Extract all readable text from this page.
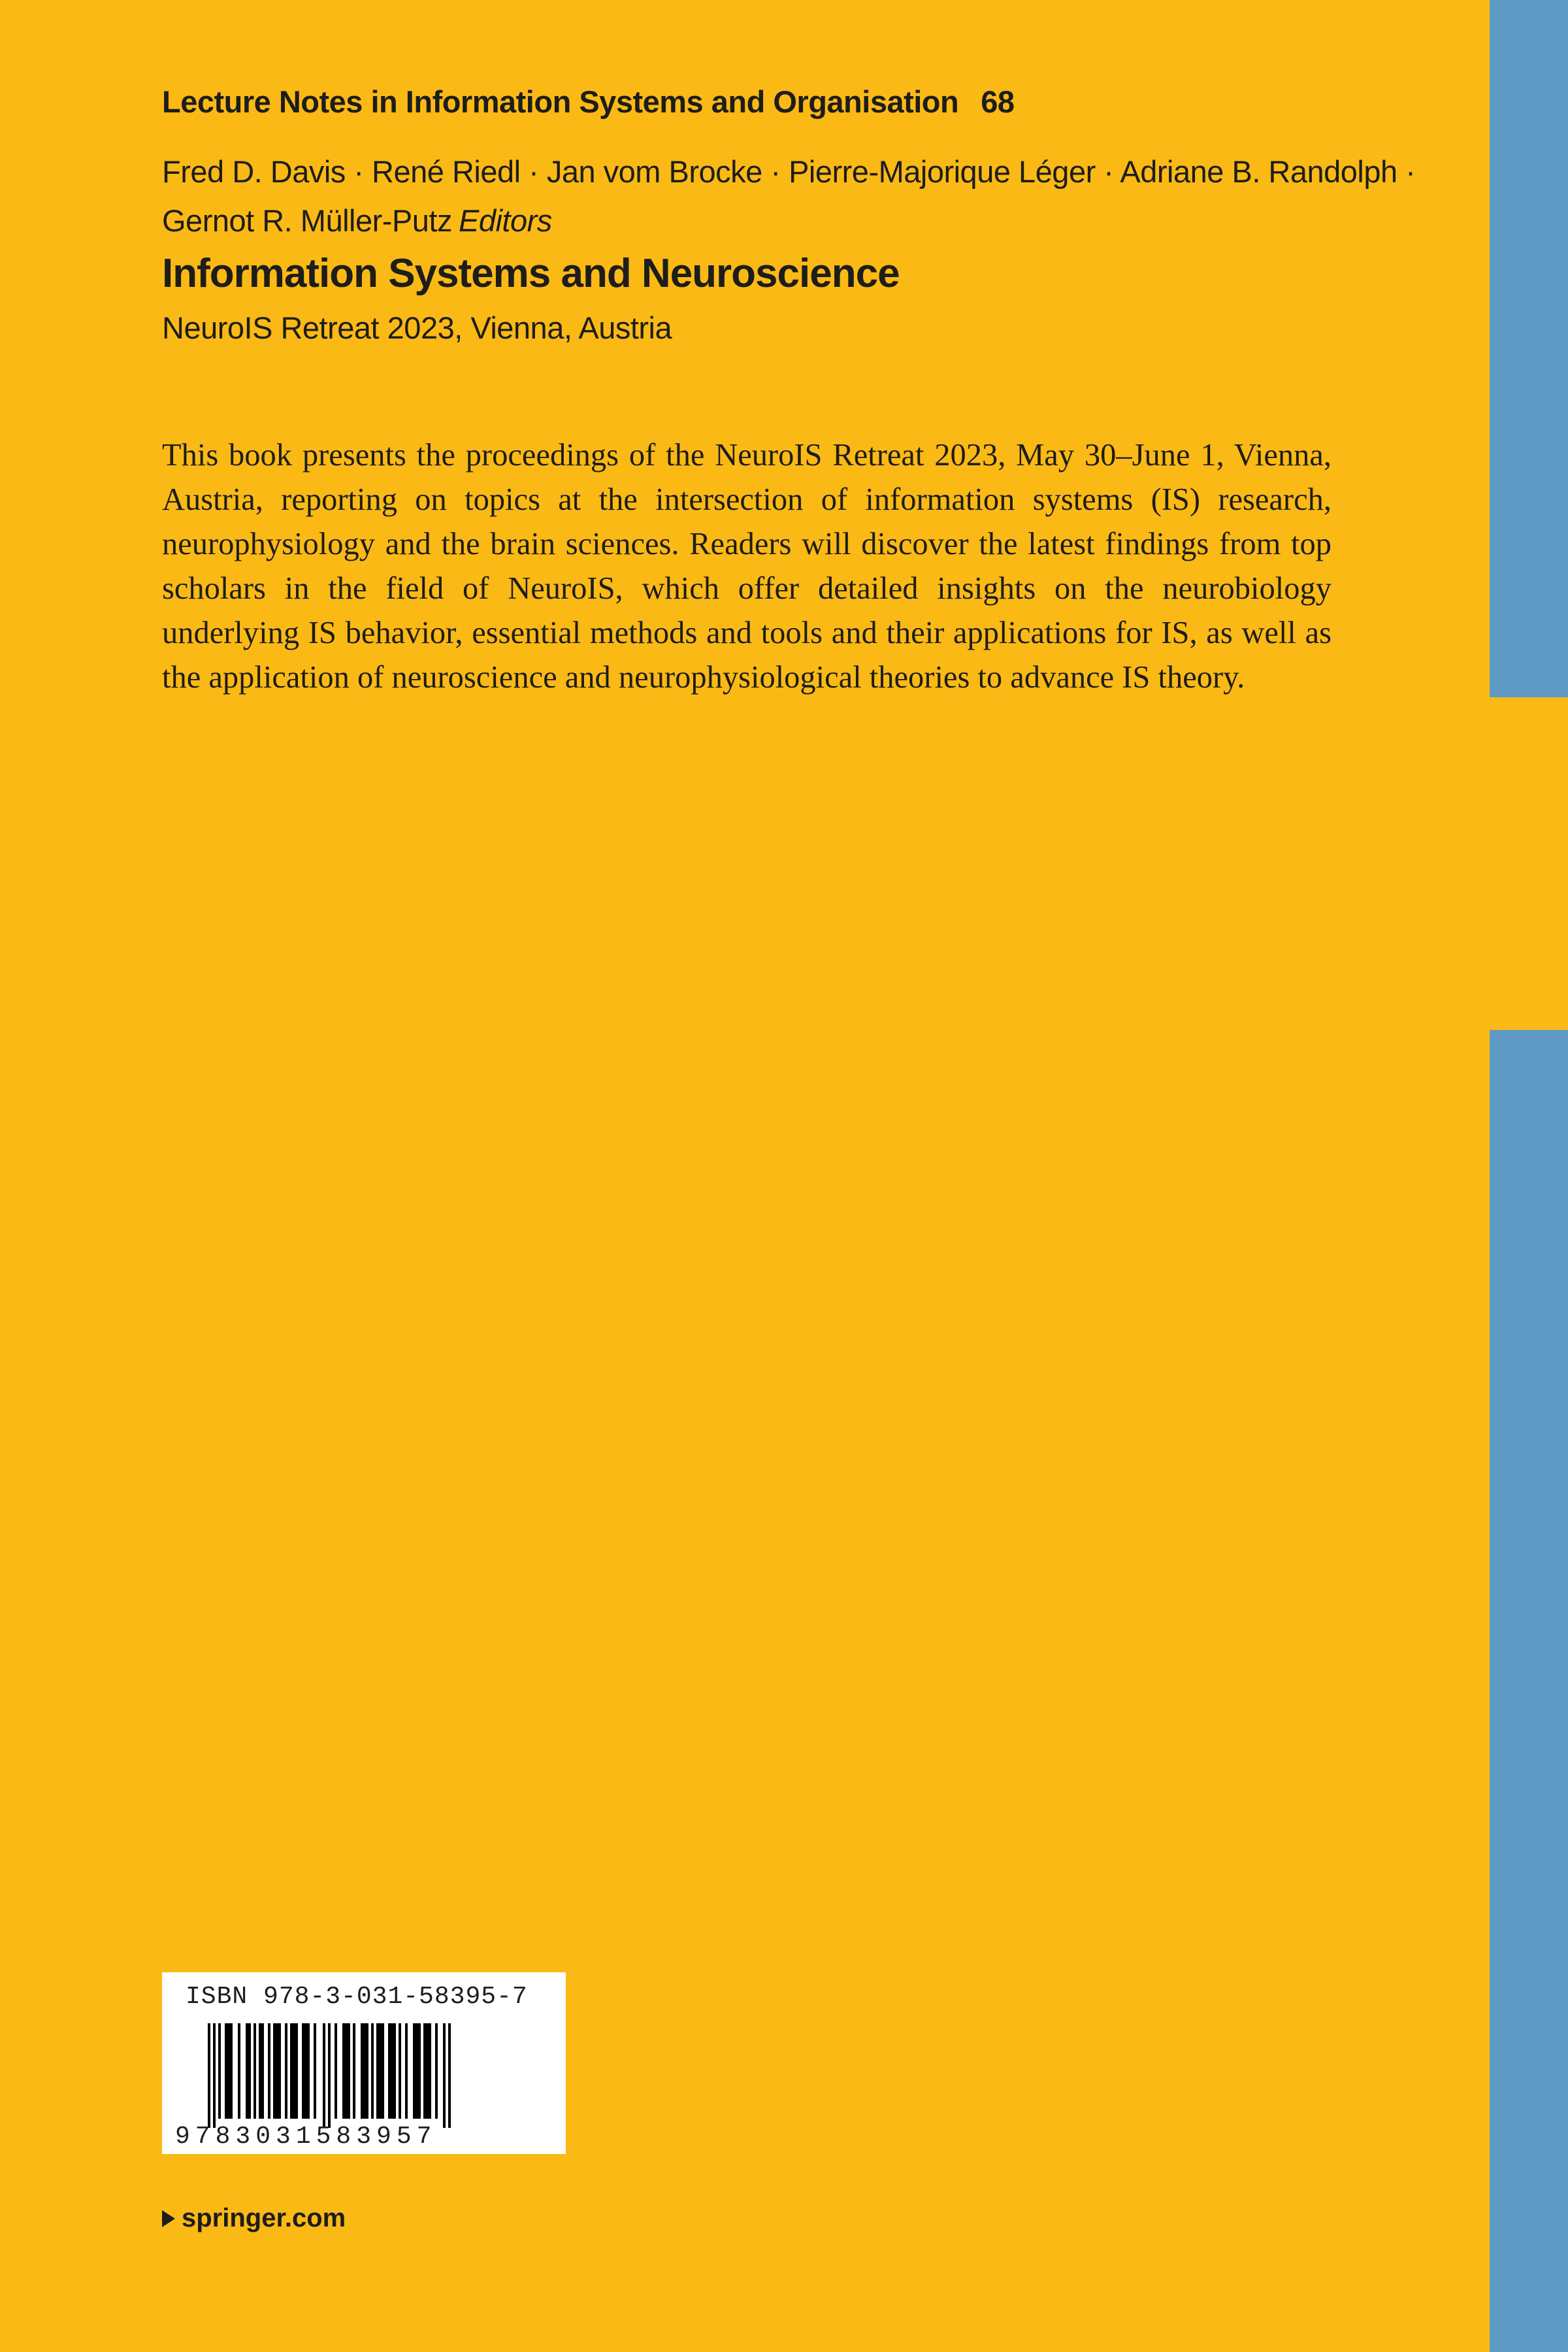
Lecture Notes in Information Systems and Organisation 68
Fred D. Davis · René Riedl · Jan vom Brocke · Pierre-Majorique Léger · Adriane B. Randolph ·
Gernot R. Müller-Putz Editors
Information Systems and Neuroscience
NeuroIS Retreat 2023, Vienna, Austria
This book presents the proceedings of the NeuroIS Retreat 2023, May 30–June 1, Vienna, Austria, reporting on topics at the intersection of information systems (IS) research, neurophysiology and the brain sciences. Readers will discover the latest findings from top scholars in the field of NeuroIS, which offer detailed insights on the neurobiology underlying IS behavior, essential methods and tools and their applications for IS, as well as the application of neuroscience and neurophysiological theories to advance IS theory.
ISBN 978-3-031-58395-7
9783031583957
springer.com
